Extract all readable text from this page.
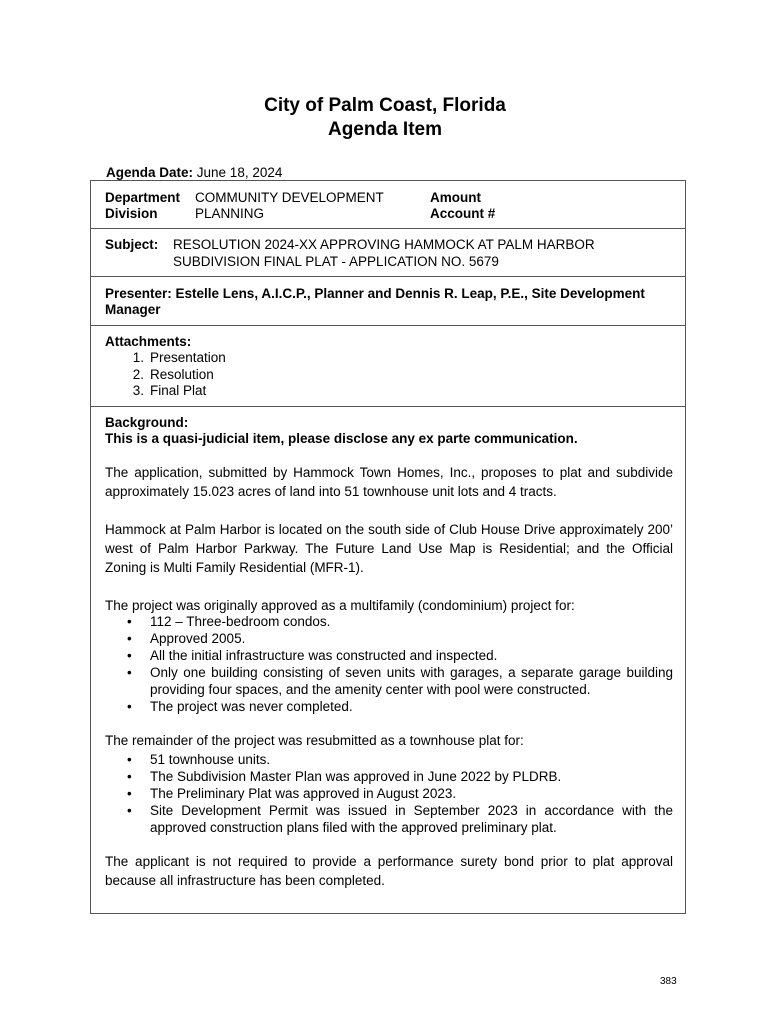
City of Palm Coast, Florida
Agenda Item
Agenda Date: June 18, 2024
Department
Division
COMMUNITY DEVELOPMENT
PLANNING
Amount
Account #
Subject: RESOLUTION 2024-XX APPROVING HAMMOCK AT PALM HARBOR
SUBDIVISION FINAL PLAT - APPLICATION NO. 5679
Presenter: Estelle Lens, A.I.C.P., Planner and Dennis R. Leap, P.E., Site Development
Manager
Attachments:
1. Presentation
2. Resolution
3. Final Plat
Background:
This is a quasi-judicial item, please disclose any ex parte communication.
The application, submitted by Hammock Town Homes, Inc., proposes to plat and subdivide approximately 15.023 acres of land into 51 townhouse unit lots and 4 tracts.
Hammock at Palm Harbor is located on the south side of Club House Drive approximately 200’ west of Palm Harbor Parkway. The Future Land Use Map is Residential; and the Official Zoning is Multi Family Residential (MFR-1).
The project was originally approved as a multifamily (condominium) project for:
• 112 – Three-bedroom condos.
• Approved 2005.
• All the initial infrastructure was constructed and inspected.
• Only one building consisting of seven units with garages, a separate garage building providing four spaces, and the amenity center with pool were constructed.
• The project was never completed.
The remainder of the project was resubmitted as a townhouse plat for:
• 51 townhouse units.
• The Subdivision Master Plan was approved in June 2022 by PLDRB.
• The Preliminary Plat was approved in August 2023.
• Site Development Permit was issued in September 2023 in accordance with the approved construction plans filed with the approved preliminary plat.
The applicant is not required to provide a performance surety bond prior to plat approval because all infrastructure has been completed.
383
